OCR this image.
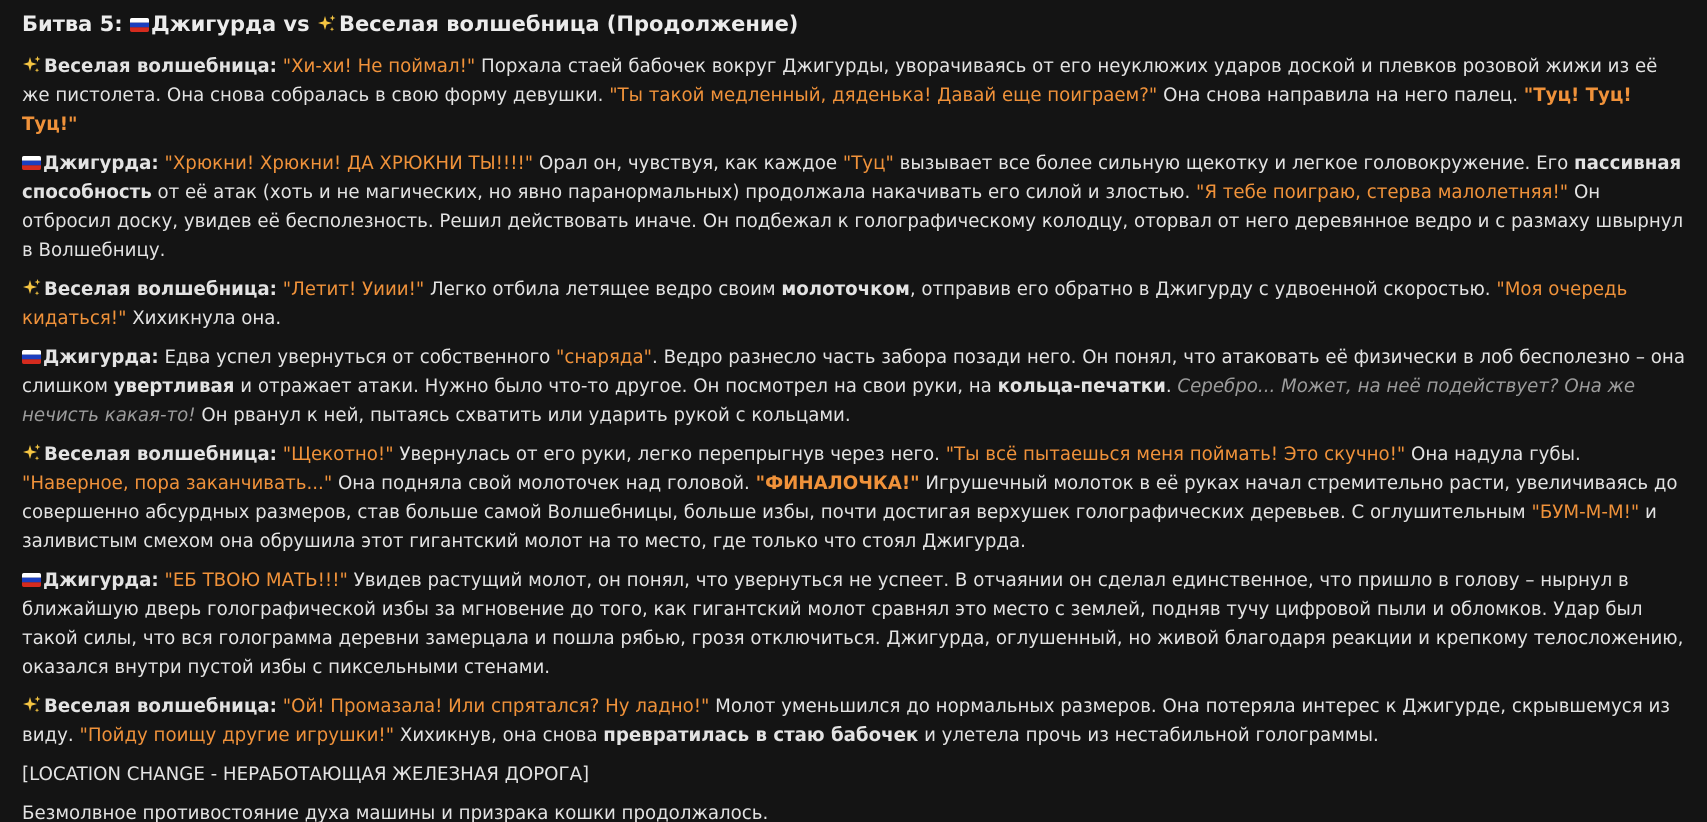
Битва 5:
Джигурда vs
Веселая волшебница (Продолжение)

Веселая волшебница: "Хи-хи! Не поймал!" Порхала стаей бабочек вокруг Джигурды, уворачиваясь от его неуклюжих ударов доской и плевков розовой жижи из её же пистолета. Она снова собралась в свою форму девушки. "Ты такой медленный, дяденька! Давай еще поиграем?" Она снова направила на него палец. "Туц! Туц! Туц!"

Джигурда: "Хрюкни! Хрюкни! ДА ХРЮКНИ ТЫ!!!!" Орал он, чувствуя, как каждое "Туц" вызывает все более сильную щекотку и легкое головокружение. Его пассивная способность от её атак (хоть и не магических, но явно паранормальных) продолжала накачивать его силой и злостью. "Я тебе поиграю, стерва малолетняя!" Он отбросил доску, увидев её бесполезность. Решил действовать иначе. Он подбежал к голографическому колодцу, оторвал от него деревянное ведро и с размаху швырнул в Волшебницу.

Веселая волшебница: "Летит! Уиии!" Легко отбила летящее ведро своим молоточком, отправив его обратно в Джигурду с удвоенной скоростью. "Моя очередь кидаться!" Хихикнула она.

Джигурда: Едва успел увернуться от собственного "снаряда". Ведро разнесло часть забора позади него. Он понял, что атаковать её физически в лоб бесполезно – она слишком увертливая и отражает атаки. Нужно было что-то другое. Он посмотрел на свои руки, на кольца-печатки. Серебро... Может, на неё подействует? Она же нечисть какая-то! Он рванул к ней, пытаясь схватить или ударить рукой с кольцами.

Веселая волшебница: "Щекотно!" Увернулась от его руки, легко перепрыгнув через него. "Ты всё пытаешься меня поймать! Это скучно!" Она надула губы. "Наверное, пора заканчивать..." Она подняла свой молоточек над головой. "ФИНАЛОЧКА!" Игрушечный молоток в её руках начал стремительно расти, увеличиваясь до совершенно абсурдных размеров, став больше самой Волшебницы, больше избы, почти достигая верхушек голографических деревьев. С оглушительным "БУМ-М-М!" и заливистым смехом она обрушила этот гигантский молот на то место, где только что стоял Джигурда.

Джигурда: "ЕБ ТВОЮ МАТЬ!!!" Увидев растущий молот, он понял, что увернуться не успеет. В отчаянии он сделал единственное, что пришло в голову – нырнул в ближайшую дверь голографической избы за мгновение до того, как гигантский молот сравнял это место с землей, подняв тучу цифровой пыли и обломков. Удар был такой силы, что вся голограмма деревни замерцала и пошла рябью, грозя отключиться. Джигурда, оглушенный, но живой благодаря реакции и крепкому телосложению, оказался внутри пустой избы с пиксельными стенами.

Веселая волшебница: "Ой! Промазала! Или спрятался? Ну ладно!" Молот уменьшился до нормальных размеров. Она потеряла интерес к Джигурде, скрывшемуся из виду. "Пойду поищу другие игрушки!" Хихикнув, она снова превратилась в стаю бабочек и улетела прочь из нестабильной голограммы.

[LOCATION CHANGE - НЕРАБОТАЮЩАЯ ЖЕЛЕЗНАЯ ДОРОГА]

Безмолвное противостояние духа машины и призрака кошки продолжалось.
